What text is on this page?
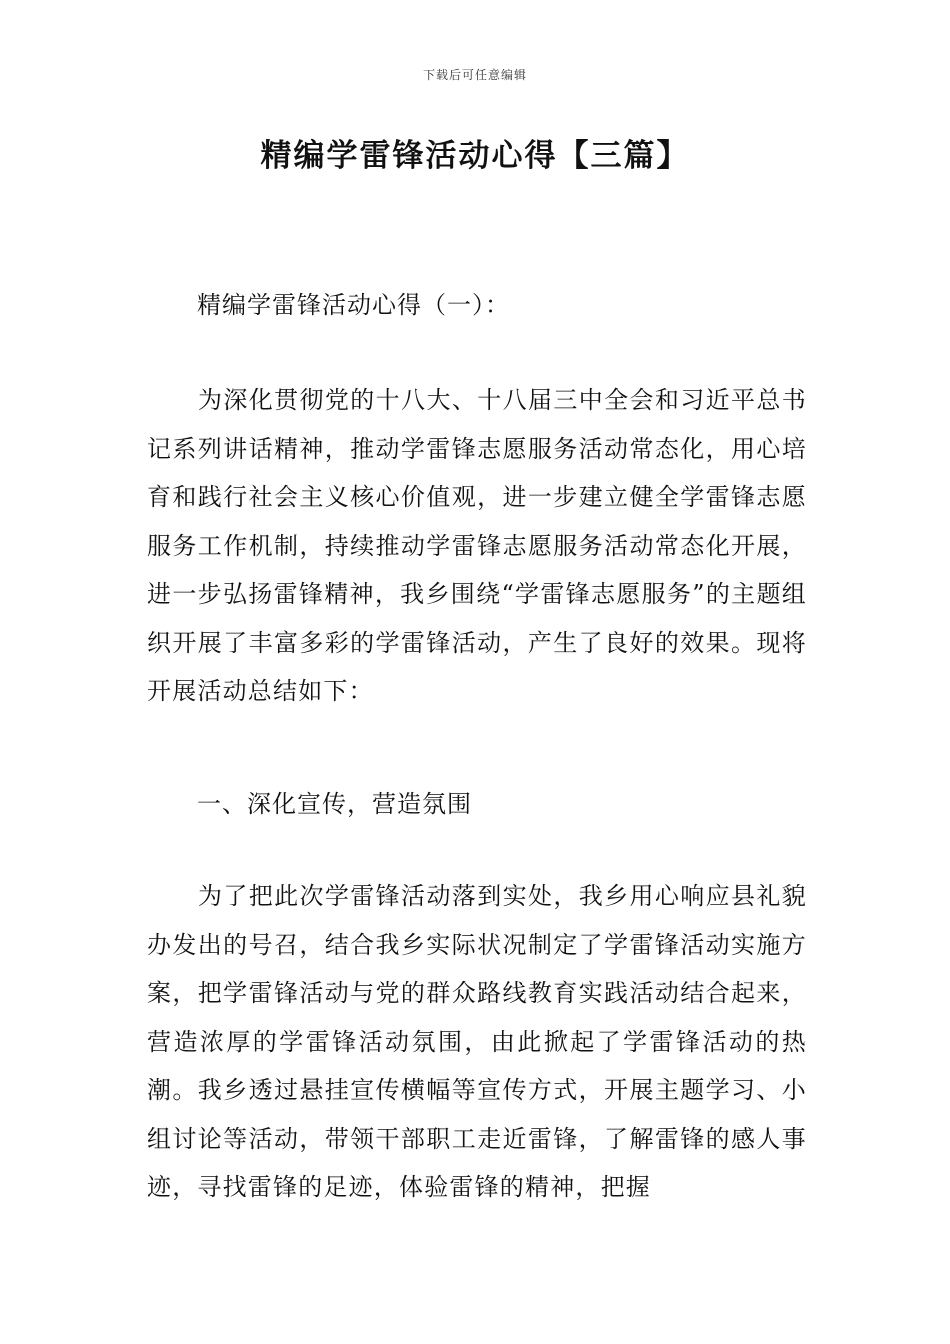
下载后可任意编辑
精编学雷锋活动心得【三篇】
精编学雷锋活动心得（一）：

为深化贯彻党的十八大、十八届三中全会和习近平总书记系列讲话精神，推动学雷锋志愿服务活动常态化，用心培育和践行社会主义核心价值观，进一步建立健全学雷锋志愿服务工作机制，持续推动学雷锋志愿服务活动常态化开展，进一步弘扬雷锋精神，我乡围绕“学雷锋志愿服务”的主题组织开展了丰富多彩的学雷锋活动，产生了良好的效果。现将开展活动总结如下：

一、深化宣传，营造氛围

为了把此次学雷锋活动落到实处，我乡用心响应县礼貌办发出的号召，结合我乡实际状况制定了学雷锋活动实施方案，把学雷锋活动与党的群众路线教育实践活动结合起来，营造浓厚的学雷锋活动氛围，由此掀起了学雷锋活动的热潮。我乡透过悬挂宣传横幅等宣传方式，开展主题学习、小组讨论等活动，带领干部职工走近雷锋，了解雷锋的感人事迹，寻找雷锋的足迹，体验雷锋的精神，把握
